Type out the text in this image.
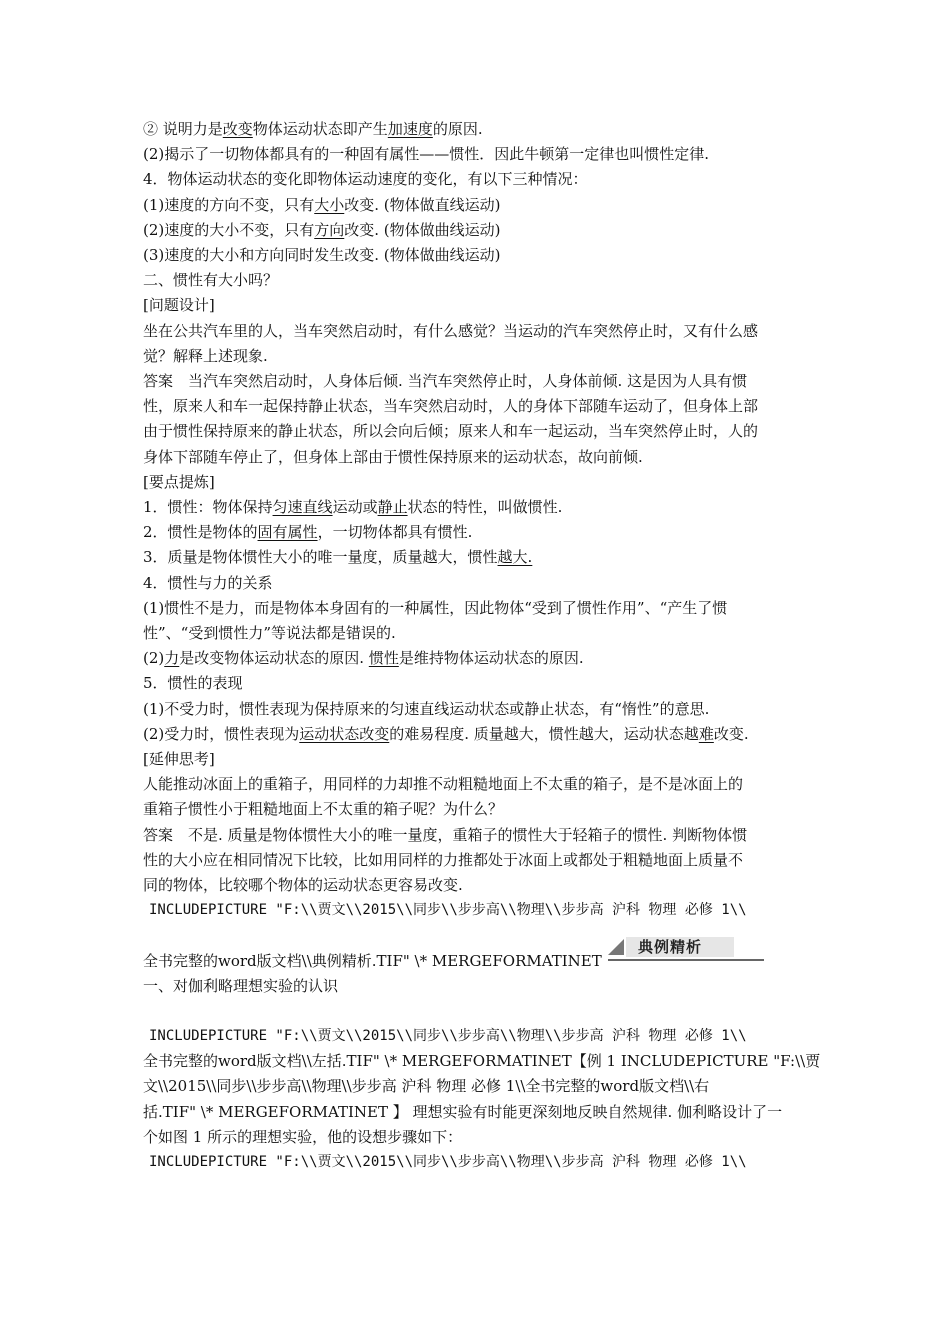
② 说明力是改变物体运动状态即产生加速度的原因.
(2)揭示了一切物体都具有的一种固有属性——惯性．因此牛顿第一定律也叫惯性定律.
4．物体运动状态的变化即物体运动速度的变化，有以下三种情况：
(1)速度的方向不变，只有大小改变. (物体做直线运动)
(2)速度的大小不变，只有方向改变. (物体做曲线运动)
(3)速度的大小和方向同时发生改变. (物体做曲线运动)
二、惯性有大小吗？
[问题设计]
坐在公共汽车里的人，当车突然启动时，有什么感觉？当运动的汽车突然停止时，又有什么感
觉？解释上述现象.
答案　当汽车突然启动时，人身体后倾. 当汽车突然停止时，人身体前倾. 这是因为人具有惯
性，原来人和车一起保持静止状态，当车突然启动时，人的身体下部随车运动了，但身体上部
由于惯性保持原来的静止状态，所以会向后倾；原来人和车一起运动，当车突然停止时，人的
身体下部随车停止了，但身体上部由于惯性保持原来的运动状态，故向前倾.
[要点提炼]
1．惯性：物体保持匀速直线运动或静止状态的特性，叫做惯性.
2．惯性是物体的固有属性，一切物体都具有惯性.
3．质量是物体惯性大小的唯一量度，质量越大，惯性越大.
4．惯性与力的关系
(1)惯性不是力，而是物体本身固有的一种属性，因此物体“受到了惯性作用”、“产生了惯
性”、“受到惯性力”等说法都是错误的.
(2)力是改变物体运动状态的原因. 惯性是维持物体运动状态的原因.
5．惯性的表现
(1)不受力时，惯性表现为保持原来的匀速直线运动状态或静止状态，有“惰性”的意思.
(2)受力时，惯性表现为运动状态改变的难易程度. 质量越大，惯性越大，运动状态越难改变.
[延伸思考]
人能推动冰面上的重箱子，用同样的力却推不动粗糙地面上不太重的箱子，是不是冰面上的
重箱子惯性小于粗糙地面上不太重的箱子呢？为什么？
答案　不是. 质量是物体惯性大小的唯一量度，重箱子的惯性大于轻箱子的惯性. 判断物体惯
性的大小应在相同情况下比较，比如用同样的力推都处于冰面上或都处于粗糙地面上质量不
同的物体，比较哪个物体的运动状态更容易改变.
INCLUDEPICTURE "F:\\贾文\\2015\\同步\\步步高\\物理\\步步高 沪科 物理 必修 1\\
全书完整的word版文档\\典例精析.TIF" \* MERGEFORMATINET
一、对伽利略理想实验的认识
INCLUDEPICTURE "F:\\贾文\\2015\\同步\\步步高\\物理\\步步高 沪科 物理 必修 1\\
全书完整的word版文档\\左括.TIF" \* MERGEFORMATINET【例 1 INCLUDEPICTURE "F:\\贾
文\\2015\\同步\\步步高\\物理\\步步高 沪科 物理 必修 1\\全书完整的word版文档\\右
括.TIF" \* MERGEFORMATINET 】 理想实验有时能更深刻地反映自然规律. 伽利略设计了一
个如图 1 所示的理想实验，他的设想步骤如下：
INCLUDEPICTURE "F:\\贾文\\2015\\同步\\步步高\\物理\\步步高 沪科 物理 必修 1\\
典例精析
